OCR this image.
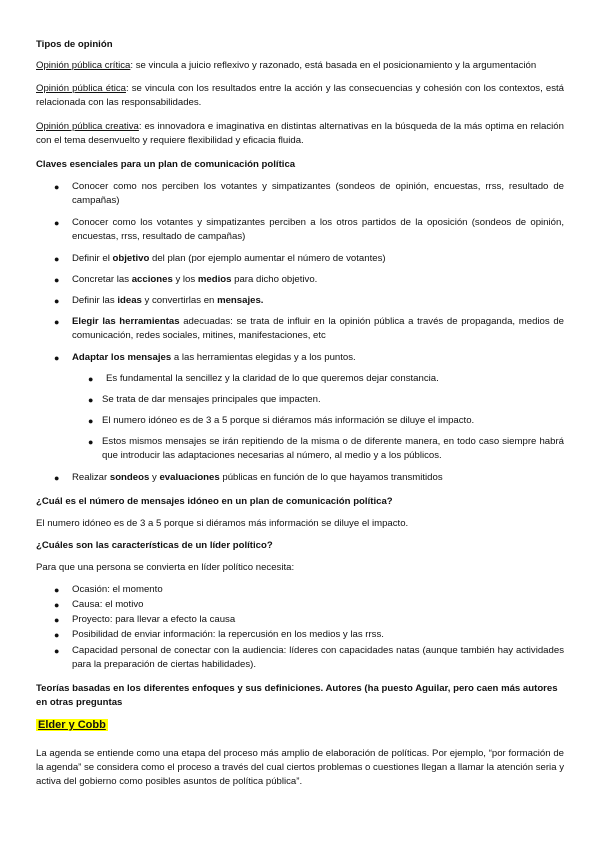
Tipos de opinión
Opinión pública crítica: se vincula a juicio reflexivo y razonado, está basada en el posicionamiento y la argumentación
Opinión pública ética: se vincula con los resultados entre la acción y las consecuencias y cohesión con los contextos, está relacionada con las responsabilidades.
Opinión pública creativa: es innovadora e imaginativa en distintas alternativas en la búsqueda de la más optima en relación con el tema desenvuelto y requiere flexibilidad y eficacia fluida.
Claves esenciales para un plan de comunicación política
● Conocer como nos perciben los votantes y simpatizantes (sondeos de opinión, encuestas, rrss, resultado de campañas)
● Conocer como los votantes y simpatizantes perciben a los otros partidos de la oposición (sondeos de opinión, encuestas, rrss, resultado de campañas)
● Definir el objetivo del plan (por ejemplo aumentar el número de votantes)
● Concretar las acciones y los medios para dicho objetivo.
● Definir las ideas y convertirlas en mensajes.
● Elegir las herramientas adecuadas: se trata de influir en la opinión pública a través de propaganda, medios de comunicación, redes sociales, mitines, manifestaciones, etc
● Adaptar los mensajes a las herramientas elegidas y a los puntos.
● Es fundamental la sencillez y la claridad de lo que queremos dejar constancia.
● Se trata de dar mensajes principales que impacten.
● El numero idóneo es de 3 a 5 porque si diéramos más información se diluye el impacto.
● Estos mismos mensajes se irán repitiendo de la misma o de diferente manera, en todo caso siempre habrá que introducir las adaptaciones necesarias al número, al medio y a los públicos.
● Realizar sondeos y evaluaciones públicas en función de lo que hayamos transmitidos
¿Cuál es el número de mensajes idóneo en un plan de comunicación política?
El numero idóneo es de 3 a 5 porque si diéramos más información se diluye el impacto.
¿Cuáles son las características de un líder político?
Para que una persona se convierta en líder político necesita:
● Ocasión: el momento
● Causa: el motivo
● Proyecto: para llevar a efecto la causa
● Posibilidad de enviar información: la repercusión en los medios y las rrss.
● Capacidad personal de conectar con la audiencia: líderes con capacidades natas (aunque también hay actividades para la preparación de ciertas habilidades).
Teorías basadas en los diferentes enfoques y sus definiciones. Autores (ha puesto Aguilar, pero caen más autores en otras preguntas
Elder y Cobb
La agenda se entiende como una etapa del proceso más amplio de elaboración de políticas. Por ejemplo, “por formación de la agenda” se considera como el proceso a través del cual ciertos problemas o cuestiones llegan a llamar la atención seria y activa del gobierno como posibles asuntos de política pública”.
